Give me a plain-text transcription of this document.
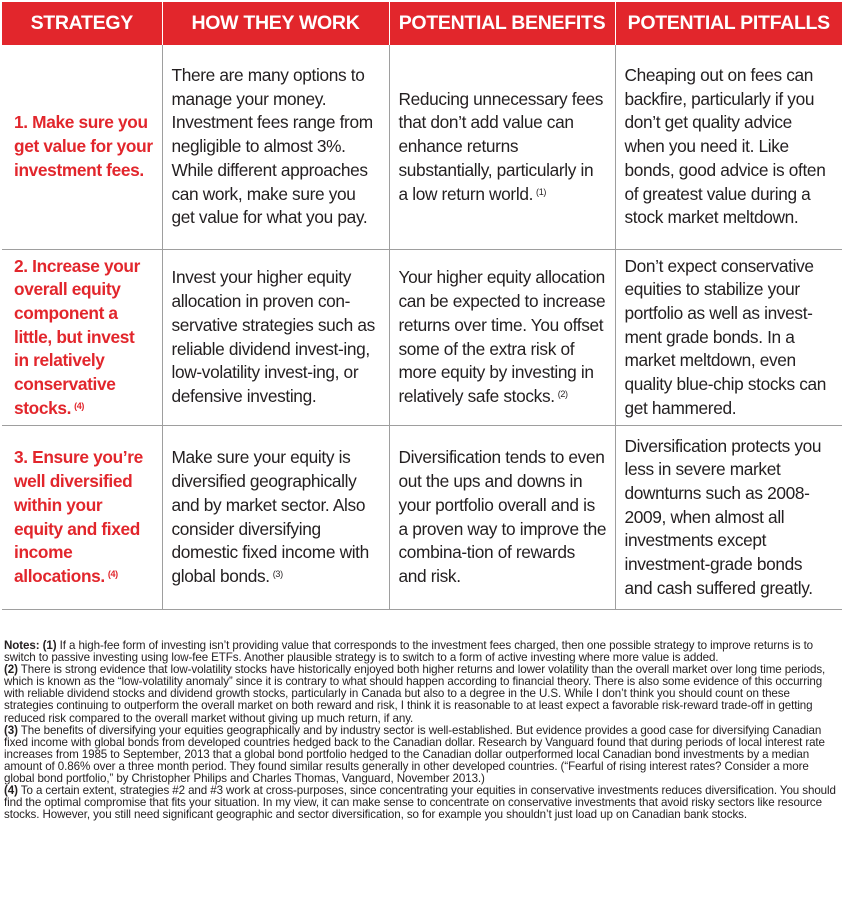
STRATEGY	HOW THEY WORK	POTENTIAL BENEFITS	POTENTIAL PITFALLS
1. Make sure you get value for your investment fees.	There are many options to manage your money. Investment fees range from negligible to almost 3%. While different approaches can work, make sure you get value for what you pay.	Reducing unnecessary fees that don’t add value can enhance returns substantially, particularly in a low return world. $^{(1)}$	Cheaping out on fees can backfire, particularly if you don’t get quality advice when you need it. Like bonds, good advice is often of greatest value during a stock market meltdown.
2. Increase your overall equity component a little, but invest in relatively conservative stocks. $^{(4)}$	Invest your higher equity allocation in proven con-servative strategies such as reliable dividend invest-ing, low-volatility invest-ing, or defensive investing.	Your higher equity allocation can be expected to increase returns over time. You offset some of the extra risk of more equity by investing in relatively safe stocks. $^{(2)}$	Don’t expect conservative equities to stabilize your portfolio as well as invest-ment grade bonds. In a market meltdown, even quality blue-chip stocks can get hammered.
3. Ensure you’re well diversified within your equity and fixed income allocations. $^{(4)}$	Make sure your equity is diversified geographically and by market sector. Also consider diversifying domestic fixed income with global bonds. $^{(3)}$	Diversification tends to even out the ups and downs in your portfolio overall and is a proven way to improve the combina-tion of rewards and risk.	Diversification protects you less in severe market downturns such as 2008-2009, when almost all investments except investment-grade bonds and cash suffered greatly.

Notes: (1) If a high-fee form of investing isn’t providing value that corresponds to the investment fees charged, then one possible strategy to improve returns is to switch to passive investing using low-fee ETFs. Another plausible strategy is to switch to a form of active investing where more value is added.

(2) There is strong evidence that low-volatility stocks have historically enjoyed both higher returns and lower volatility than the overall market over long time periods, which is known as the “low-volatility anomaly” since it is contrary to what should happen according to financial theory. There is also some evidence of this occurring with reliable dividend stocks and dividend growth stocks, particularly in Canada but also to a degree in the U.S. While I don’t think you should count on these strategies continuing to outperform the overall market on both reward and risk, I think it is reasonable to at least expect a favorable risk-reward trade-off in getting reduced risk compared to the overall market without giving up much return, if any.

(3) The benefits of diversifying your equities geographically and by industry sector is well-established. But evidence provides a good case for diversifying Canadian fixed income with global bonds from developed countries hedged back to the Canadian dollar. Research by Vanguard found that during periods of local interest rate increases from 1985 to September, 2013 that a global bond portfolio hedged to the Canadian dollar outperformed local Canadian bond investments by a median amount of 0.86% over a three month period. They found similar results generally in other developed countries. (“Fearful of rising interest rates? Consider a more global bond portfolio,” by Christopher Philips and Charles Thomas, Vanguard, November 2013.)

(4) To a certain extent, strategies #2 and #3 work at cross-purposes, since concentrating your equities in conservative investments reduces diversification. You should find the optimal compromise that fits your situation. In my view, it can make sense to concentrate on conservative investments that avoid risky sectors like resource stocks. However, you still need significant geographic and sector diversification, so for example you shouldn’t just load up on Canadian bank stocks.
